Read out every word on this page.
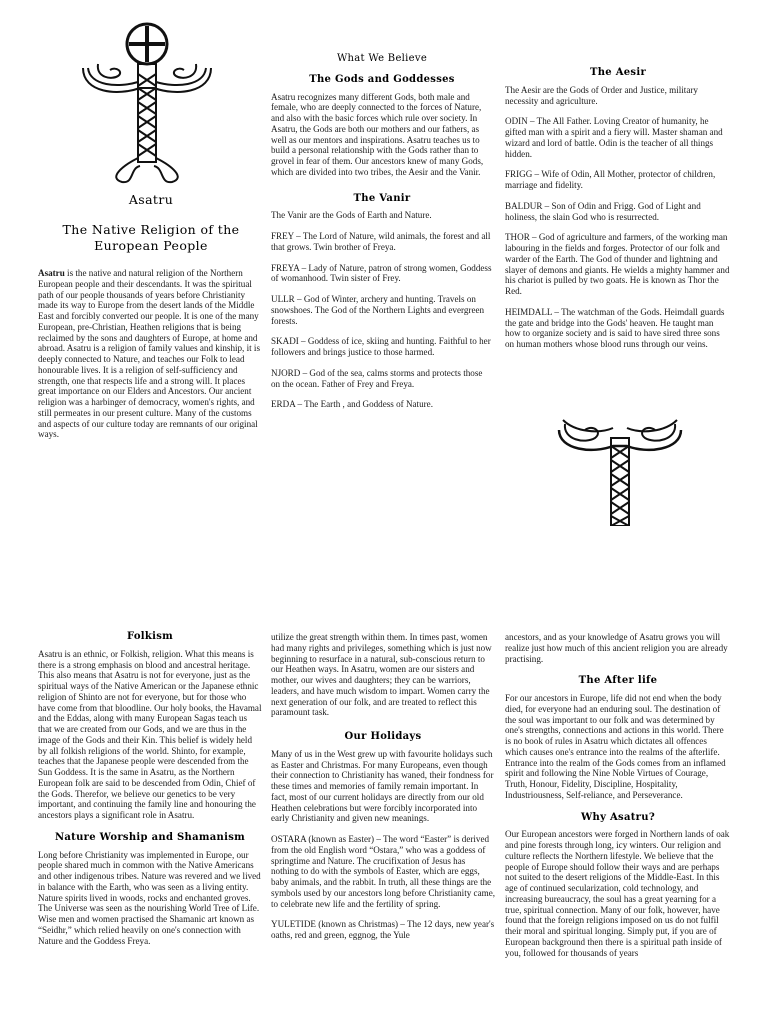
Asatru
The Native Religion of the
European People

Asatru is the native and natural religion of the Northern European people and their descendants. It was the spiritual path of our people thousands of years before Christianity made its way to Europe from the desert lands of the Middle East and forcibly converted our people. It is one of the many European, pre-Christian, Heathen religions that is being reclaimed by the sons and daughters of Europe, at home and abroad. Asatru is a religion of family values and kinship, it is deeply connected to Nature, and teaches our Folk to lead honourable lives. It is a religion of self-sufficiency and strength, one that respects life and a strong will. It places great importance on our Elders and Ancestors. Our ancient religion was a harbinger of democracy, women's rights, and still permeates in our present culture. Many of the customs and aspects of our culture today are remnants of our original ways.

What We Believe
The Gods and Goddesses

Asatru recognizes many different Gods, both male and female, who are deeply connected to the forces of Nature, and also with the basic forces which rule over society. In Asatru, the Gods are both our mothers and our fathers, as well as our mentors and inspirations. Asatru teaches us to build a personal relationship with the Gods rather than to grovel in fear of them. Our ancestors knew of many Gods, which are divided into two tribes, the Aesir and the Vanir.

The Vanir

The Vanir are the Gods of Earth and Nature.

FREY – The Lord of Nature, wild animals, the forest and all that grows. Twin brother of Freya.

FREYA – Lady of Nature, patron of strong women, Goddess of womanhood. Twin sister of Frey.

ULLR – God of Winter, archery and hunting. Travels on snowshoes. The God of the Northern Lights and evergreen forests.

SKADI – Goddess of ice, skiing and hunting. Faithful to her followers and brings justice to those harmed.

NJORD – God of the sea, calms storms and protects those on the ocean. Father of Frey and Freya.

ERDA – The Earth , and Goddess of Nature.

The Aesir

The Aesir are the Gods of Order and Justice, military necessity and agriculture.

ODIN – The All Father. Loving Creator of humanity, he gifted man with a spirit and a fiery will. Master shaman and wizard and lord of battle. Odin is the teacher of all things hidden.

FRIGG – Wife of Odin, All Mother, protector of children, marriage and fidelity.

BALDUR – Son of Odin and Frigg. God of Light and holiness, the slain God who is resurrected.

THOR – God of agriculture and farmers, of the working man labouring in the fields and forges. Protector of our folk and warder of the Earth. The God of thunder and lightning and slayer of demons and giants. He wields a mighty hammer and his chariot is pulled by two goats. He is known as Thor the Red.

HEIMDALL – The watchman of the Gods. Heimdall guards the gate and bridge into the Gods' heaven. He taught man how to organize society and is said to have sired three sons on human mothers whose blood runs through our veins.

Folkism

Asatru is an ethnic, or Folkish, religion. What this means is there is a strong emphasis on blood and ancestral heritage. This also means that Asatru is not for everyone, just as the spiritual ways of the Native American or the Japanese ethnic religion of Shinto are not for everyone, but for those who have come from that bloodline. Our holy books, the Havamal and the Eddas, along with many European Sagas teach us that we are created from our Gods, and we are thus in the image of the Gods and their Kin. This belief is widely held by all folkish religions of the world. Shinto, for example, teaches that the Japanese people were descended from the Sun Goddess. It is the same in Asatru, as the Northern European folk are said to be descended from Odin, Chief of the Gods. Therefor, we believe our genetics to be very important, and continuing the family line and honouring the ancestors plays a significant role in Asatru.

Nature Worship and Shamanism

Long before Christianity was implemented in Europe, our people shared much in common with the Native Americans and other indigenous tribes. Nature was revered and we lived in balance with the Earth, who was seen as a living entity. Nature spirits lived in woods, rocks and enchanted groves. The Universe was seen as the nourishing World Tree of Life. Wise men and women practised the Shamanic art known as “Seidhr,” which relied heavily on one's connection with Nature and the Goddess Freya.

utilize the great strength within them. In times past, women had many rights and privileges, something which is just now beginning to resurface in a natural, sub-conscious return to our Heathen ways. In Asatru, women are our sisters and mother, our wives and daughters; they can be warriors, leaders, and have much wisdom to impart. Women carry the next generation of our folk, and are treated to reflect this paramount task.

Our Holidays

Many of us in the West grew up with favourite holidays such as Easter and Christmas. For many Europeans, even though their connection to Christianity has waned, their fondness for these times and memories of family remain important. In fact, most of our current holidays are directly from our old Heathen celebrations but were forcibly incorporated into early Christianity and given new meanings.

OSTARA (known as Easter) – The word “Easter” is derived from the old English word “Ostara,” who was a goddess of springtime and Nature. The crucifixation of Jesus has nothing to do with the symbols of Easter, which are eggs, baby animals, and the rabbit. In truth, all these things are the symbols used by our ancestors long before Christianity came, to celebrate new life and the fertility of spring.

YULETIDE (known as Christmas) – The 12 days, new year's oaths, red and green, eggnog, the Yule

ancestors, and as your knowledge of Asatru grows you will realize just how much of this ancient religion you are already practising.

The After life

For our ancestors in Europe, life did not end when the body died, for everyone had an enduring soul. The destination of the soul was important to our folk and was determined by one's strengths, connections and actions in this world. There is no book of rules in Asatru which dictates all offences which causes one's entrance into the realms of the afterlife. Entrance into the realm of the Gods comes from an inflamed spirit and following the Nine Noble Virtues of Courage, Truth, Honour, Fidelity, Discipline, Hospitality, Industriousness, Self-reliance, and Perseverance.

Why Asatru?

Our European ancestors were forged in Northern lands of oak and pine forests through long, icy winters. Our religion and culture reflects the Northern lifestyle. We believe that the people of Europe should follow their ways and are perhaps not suited to the desert religions of the Middle-East. In this age of continued secularization, cold technology, and increasing bureaucracy, the soul has a great yearning for a true, spiritual connection. Many of our folk, however, have found that the foreign religions imposed on us do not fulfil their moral and spiritual longing. Simply put, if you are of European background then there is a spiritual path inside of you, followed for thousands of years
